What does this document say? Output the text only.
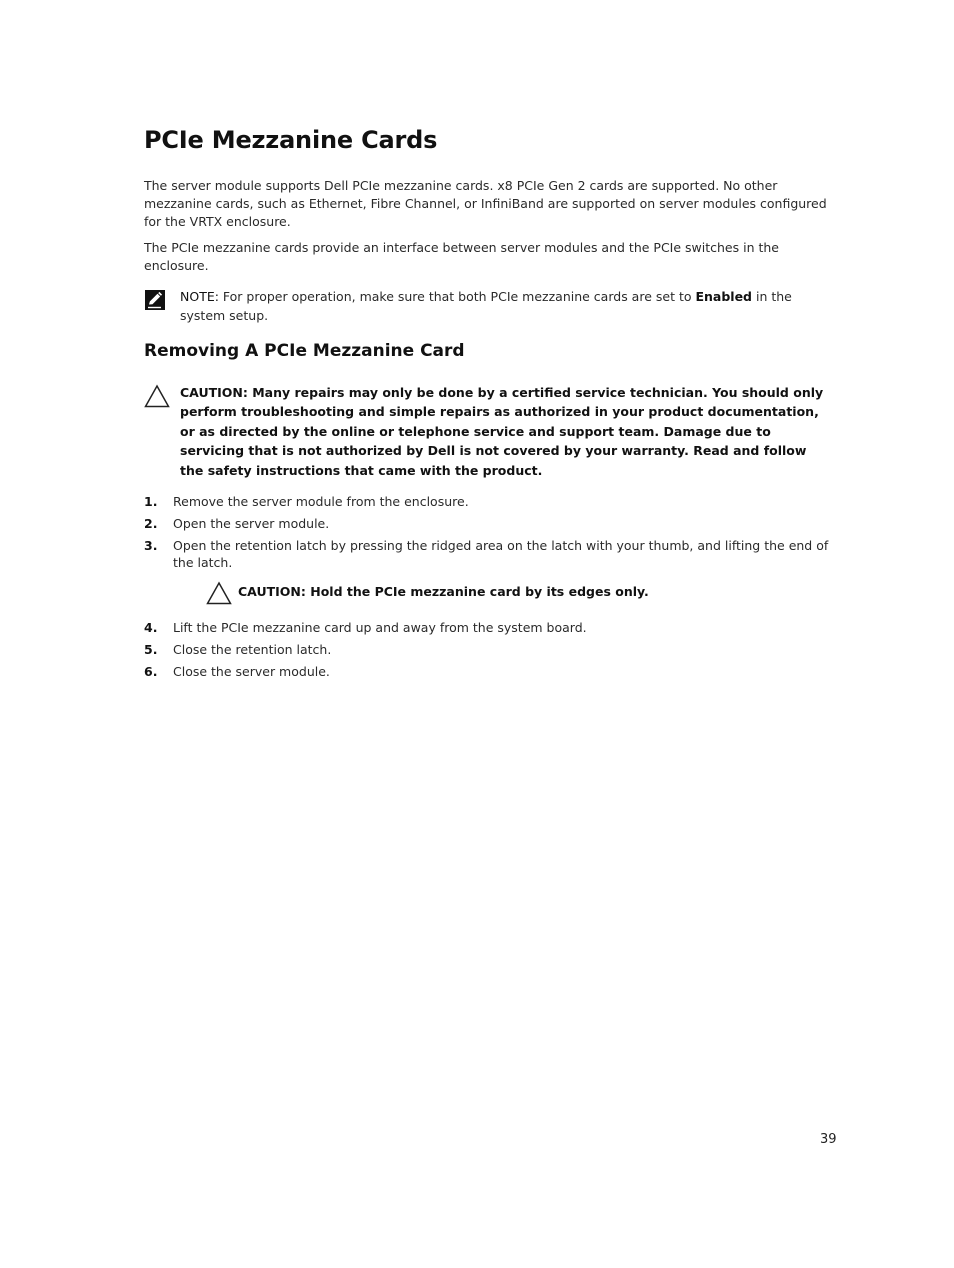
PCIe Mezzanine Cards

The server module supports Dell PCIe mezzanine cards. x8 PCIe Gen 2 cards are supported. No other mezzanine cards, such as Ethernet, Fibre Channel, or InfiniBand are supported on server modules configured for the VRTX enclosure.

The PCIe mezzanine cards provide an interface between server modules and the PCIe switches in the enclosure.

NOTE: For proper operation, make sure that both PCIe mezzanine cards are set to Enabled in the system setup.

Removing A PCIe Mezzanine Card

CAUTION: Many repairs may only be done by a certified service technician. You should only perform troubleshooting and simple repairs as authorized in your product documentation, or as directed by the online or telephone service and support team. Damage due to servicing that is not authorized by Dell is not covered by your warranty. Read and follow the safety instructions that came with the product.

1. Remove the server module from the enclosure.
2. Open the server module.
3. Open the retention latch by pressing the ridged area on the latch with your thumb, and lifting the end of the latch.

CAUTION: Hold the PCIe mezzanine card by its edges only.

4. Lift the PCIe mezzanine card up and away from the system board.
5. Close the retention latch.
6. Close the server module.
39
